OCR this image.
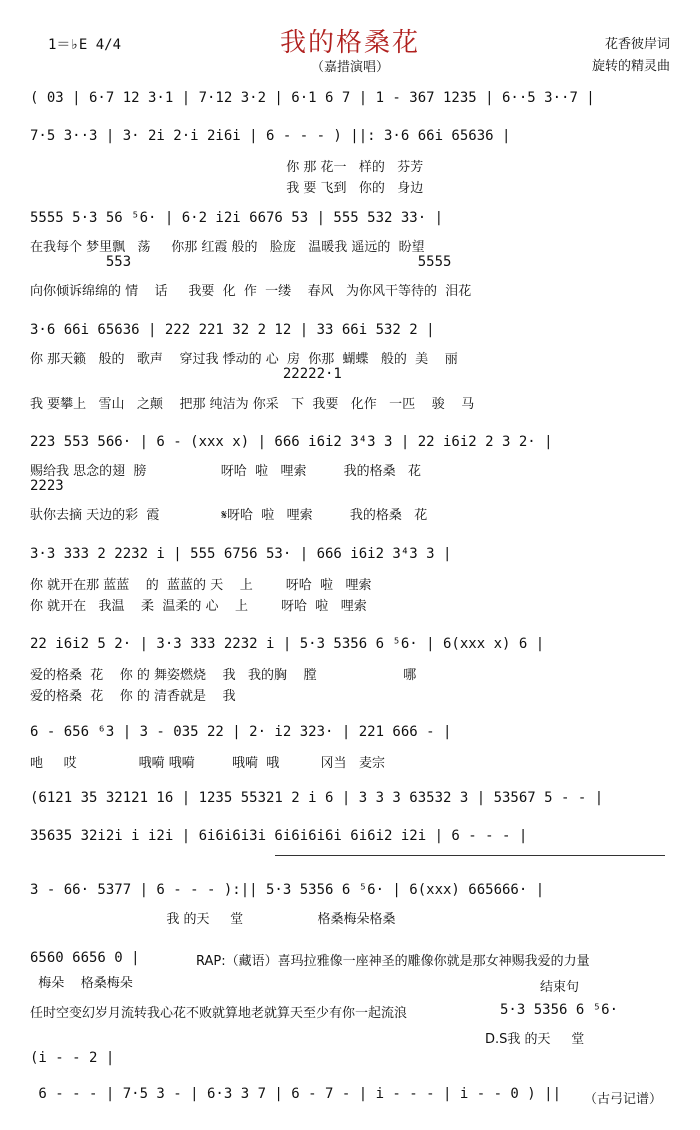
1＝♭E 4/4	我的格桑花
（嘉措演唱）
花香彼岸词
旋转的精灵曲
( 03 | 6·7 12 3·1 | 7·12 3·2 | 6·1 6 7 | 1 - 367 1235 | 6··5 3··7 |
7·5 3··3 | 3· 2i 2·i 2i6i | 6 - - - ) ||: 3·6 66i 65636 |
你 那 花一   样的   芬芳
我 要 飞到   你的   身边
5555 5·3 56 ⁵6· | 6·2 i2i 6676 53 | 555 532 33· |
在我每个 梦里飘   荡     你那 红霞 般的   脸庞   温暖我 遥远的  盼望
553                                  5555
向你倾诉绵绵的 情    话     我要  化  作  一缕    春风   为你风干等待的  泪花
3·6 66i 65636 | 222 221 32 2 12 | 33 66i 532 2 |
你 那天籁   般的   歌声    穿过我 悸动的 心  房  你那  蝴蝶   般的  美    丽
22222·1
我 要攀上   雪山   之颠    把那 纯洁为 你采   下  我要   化作   一匹    骏    马
223 553 566· | 6 - (xxx x) | 666 i6i2 3⁴3 3 | 22 i6i2 2 3 2· |
赐给我 思念的翅  膀                  呀哈  啦   哩索         我的格桑   花
2223
驮你去摘 天边的彩  霞               𝄋呀哈  啦   哩索         我的格桑   花
3·3 333 2 2232 i | 555 6756 53· | 666 i6i2 3⁴3 3 |
你 就开在那 蓝蓝    的  蓝蓝的 天    上        呀哈  啦   哩索
你 就开在   我温    柔  温柔的 心    上        呀哈  啦   哩索
22 i6i2 5 2· | 3·3 333 2232 i | 5·3 5356 6 ⁵6· | 6(xxx x) 6 |
爱的格桑  花    你 的 舞姿燃烧    我   我的胸    膛                     哪
爱的格桑  花    你 的 清香就是    我
6 - 656 ⁶3 | 3 - 035 22 | 2· i2 323· | 221 666 - |
吔     哎               哦嗬 哦嗬         哦嗬  哦          冈当   麦宗
(6121 35 32121 16 | 1235 55321 2 i 6 | 3 3 3 63532 3 | 53567 5 - - |
35635 32i2i i i2i | 6i6i6i3i 6i6i6i6i 6i6i2 i2i | 6 - - - |
3 - 66· 5377 | 6 - - - ):|| 5·3 5356 6 ⁵6· | 6(xxx) 665666· |
我 的天     堂                  格桑梅朵格桑
6560 6656 0 |	RAP:（藏语）喜玛拉雅像一座神圣的雕像你就是那女神赐我爱的力量
梅朵    格桑梅朵	结束句
任时空变幻岁月流转我心花不败就算地老就算天至少有你一起流浪	5·3 5356 6 ⁵6·
D.S我 的天     堂
(i - - 2 |
6 - - - | 7·5 3 - | 6·3 3 7 | 6 - 7 - | i - - - | i - - 0 ) || （古弓记谱）
